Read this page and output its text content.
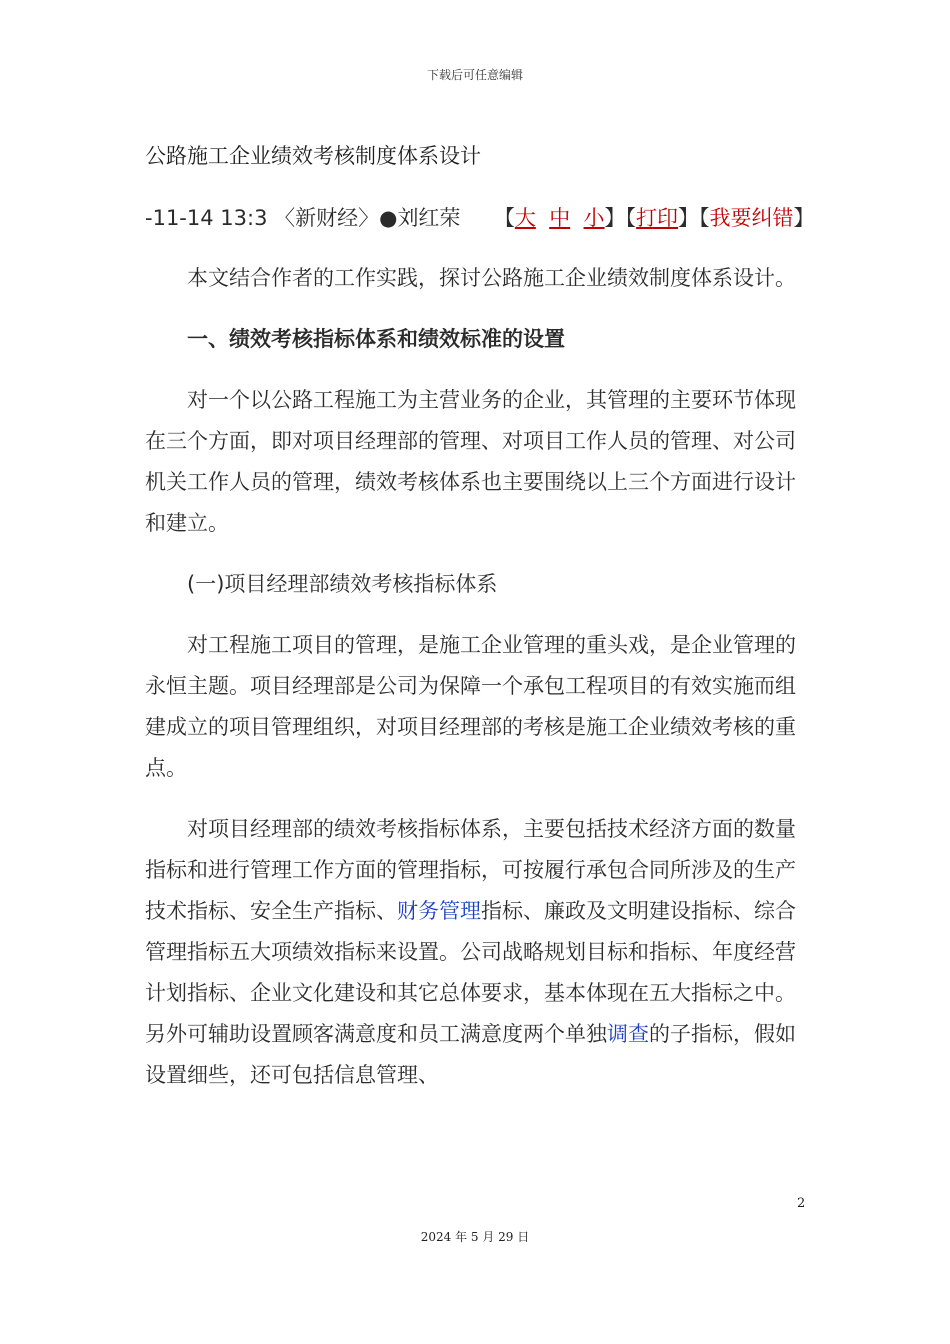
下载后可任意编辑
公路施工企业绩效考核制度体系设计
-11-14 13:3 〈新财经〉●刘红荣 【大 中 小】【打印】【我要纠错】

本文结合作者的工作实践，探讨公路施工企业绩效制度体系设计。

一、绩效考核指标体系和绩效标准的设置

对一个以公路工程施工为主营业务的企业，其管理的主要环节体现在三个方面，即对项目经理部的管理、对项目工作人员的管理、对公司机关工作人员的管理，绩效考核体系也主要围绕以上三个方面进行设计和建立。

(一)项目经理部绩效考核指标体系

对工程施工项目的管理，是施工企业管理的重头戏，是企业管理的永恒主题。项目经理部是公司为保障一个承包工程项目的有效实施而组建成立的项目管理组织，对项目经理部的考核是施工企业绩效考核的重点。

对项目经理部的绩效考核指标体系，主要包括技术经济方面的数量指标和进行管理工作方面的管理指标，可按履行承包合同所涉及的生产技术指标、安全生产指标、财务管理指标、廉政及文明建设指标、综合管理指标五大项绩效指标来设置。公司战略规划目标和指标、年度经营计划指标、企业文化建设和其它总体要求，基本体现在五大指标之中。另外可辅助设置顾客满意度和员工满意度两个单独调查的子指标，假如设置细些，还可包括信息管理、

2
2024 年 5 月 29 日
